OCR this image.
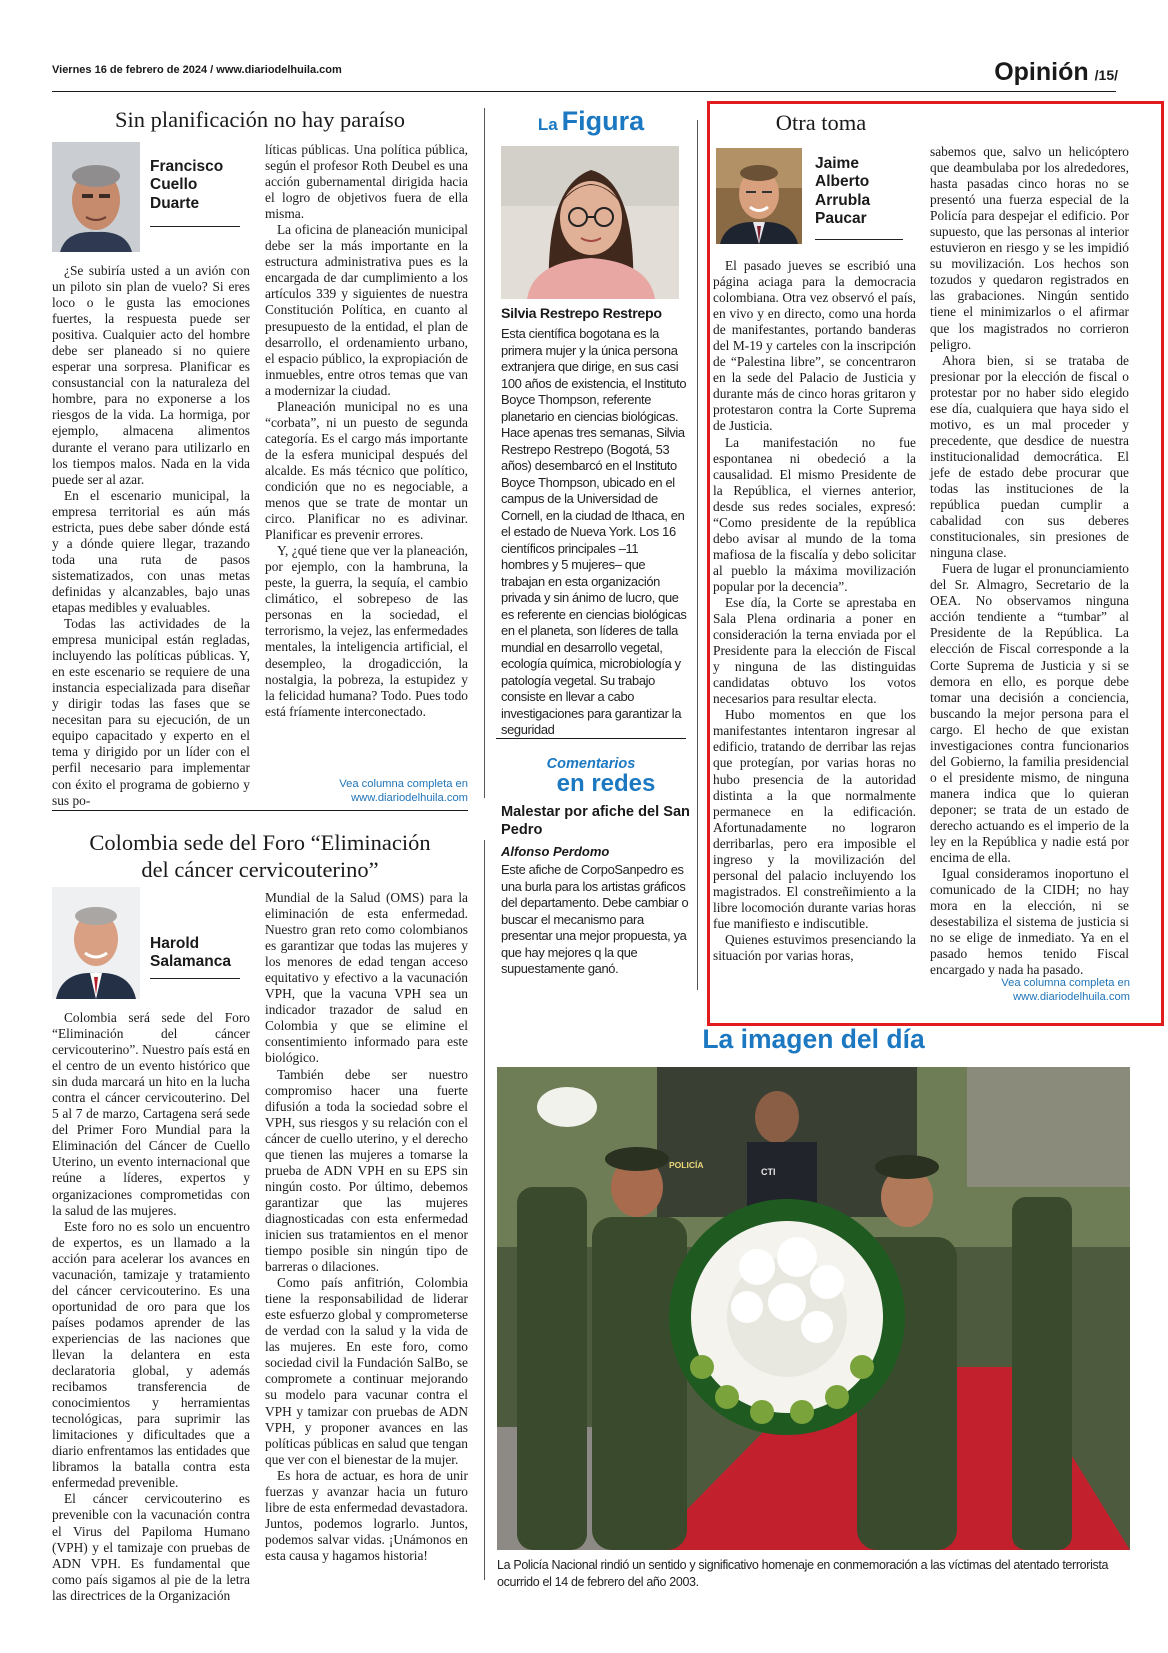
Viernes 16 de febrero de 2024 / www.diariodelhuila.com	Opinión /15/
Sin planificación no hay paraíso
Francisco Cuello Duarte

¿Se subiría usted a un avión con un piloto sin plan de vuelo? Si eres loco o le gusta las emociones fuertes, la respuesta puede ser positiva. Cualquier acto del hombre debe ser planeado si no quiere esperar una sorpresa. Planificar es consustancial con la naturaleza del hombre, para no exponerse a los riesgos de la vida. La hormiga, por ejemplo, almacena alimentos durante el verano para utilizarlo en los tiempos malos. Nada en la vida puede ser al azar.

En el escenario municipal, la empresa territorial es aún más estricta, pues debe saber dónde está y a dónde quiere llegar, trazando toda una ruta de pasos sistematizados, con unas metas definidas y alcanzables, bajo unas etapas medibles y evaluables.

Todas las actividades de la empresa municipal están regladas, incluyendo las políticas públicas. Y, en este escenario se requiere de una instancia especializada para diseñar y dirigir todas las fases que se necesitan para su ejecución, de un equipo capacitado y experto en el tema y dirigido por un líder con el perfil necesario para implementar con éxito el programa de gobierno y sus po-

líticas públicas. Una política pública, según el profesor Roth Deubel es una acción gubernamental dirigida hacia el logro de objetivos fuera de ella misma.

La oficina de planeación municipal debe ser la más importante en la estructura administrativa pues es la encargada de dar cumplimiento a los artículos 339 y siguientes de nuestra Constitución Política, en cuanto al presupuesto de la entidad, el plan de desarrollo, el ordenamiento urbano, el espacio público, la expropiación de inmuebles, entre otros temas que van a modernizar la ciudad.

Planeación municipal no es una “corbata”, ni un puesto de segunda categoría. Es el cargo más importante de la esfera municipal después del alcalde. Es más técnico que político, condición que no es negociable, a menos que se trate de montar un circo. Planificar no es adivinar. Planificar es prevenir errores.

Y, ¿qué tiene que ver la planeación, por ejemplo, con la hambruna, la peste, la guerra, la sequía, el cambio climático, el sobrepeso de las personas en la sociedad, el terrorismo, la vejez, las enfermedades mentales, la inteligencia artificial, el desempleo, la drogadicción, la nostalgia, la pobreza, la estupidez y la felicidad humana? Todo. Pues todo está fríamente interconectado.

Vea columna completa en
www.diariodelhuila.com
Colombia sede del Foro “Eliminación
del cáncer cervicouterino”
Harold Salamanca

Colombia será sede del Foro “Eliminación del cáncer cervicouterino”. Nuestro país está en el centro de un evento histórico que sin duda marcará un hito en la lucha contra el cáncer cervicouterino. Del 5 al 7 de marzo, Cartagena será sede del Primer Foro Mundial para la Eliminación del Cáncer de Cuello Uterino, un evento internacional que reúne a líderes, expertos y organizaciones comprometidas con la salud de las mujeres.

Este foro no es solo un encuentro de expertos, es un llamado a la acción para acelerar los avances en vacunación, tamizaje y tratamiento del cáncer cervicouterino. Es una oportunidad de oro para que los países podamos aprender de las experiencias de las naciones que llevan la delantera en esta declaratoria global, y además recibamos transferencia de conocimientos y herramientas tecnológicas, para suprimir las limitaciones y dificultades que a diario enfrentamos las entidades que libramos la batalla contra esta enfermedad prevenible.

El cáncer cervicouterino es prevenible con la vacunación contra el Virus del Papiloma Humano (VPH) y el tamizaje con pruebas de ADN VPH. Es fundamental que como país sigamos al pie de la letra las directrices de la Organización

Mundial de la Salud (OMS) para la eliminación de esta enfermedad. Nuestro gran reto como colombianos es garantizar que todas las mujeres y los menores de edad tengan acceso equitativo y efectivo a la vacunación VPH, que la vacuna VPH sea un indicador trazador de salud en Colombia y que se elimine el consentimiento informado para este biológico.

También debe ser nuestro compromiso hacer una fuerte difusión a toda la sociedad sobre el VPH, sus riesgos y su relación con el cáncer de cuello uterino, y el derecho que tienen las mujeres a tomarse la prueba de ADN VPH en su EPS sin ningún costo. Por último, debemos garantizar que las mujeres diagnosticadas con esta enfermedad inicien sus tratamientos en el menor tiempo posible sin ningún tipo de barreras o dilaciones.

Como país anfitrión, Colombia tiene la responsabilidad de liderar este esfuerzo global y comprometerse de verdad con la salud y la vida de las mujeres. En este foro, como sociedad civil la Fundación SalBo, se compromete a continuar mejorando su modelo para vacunar contra el VPH y tamizar con pruebas de ADN VPH, y proponer avances en las políticas públicas en salud que tengan que ver con el bienestar de la mujer.

Es hora de actuar, es hora de unir fuerzas y avanzar hacia un futuro libre de esta enfermedad devastadora. Juntos, podemos lograrlo. Juntos, podemos salvar vidas. ¡Unámonos en esta causa y hagamos historia!

La Figura
Silvia Restrepo Restrepo
Esta científica bogotana es la primera mujer y la única persona extranjera que dirige, en sus casi 100 años de existencia, el Instituto Boyce Thompson, referente planetario en ciencias biológicas. Hace apenas tres semanas, Silvia Restrepo Restrepo (Bogotá, 53 años) desembarcó en el Instituto Boyce Thompson, ubicado en el campus de la Universidad de Cornell, en la ciudad de Ithaca, en el estado de Nueva York. Los 16 científicos principales –11 hombres y 5 mujeres– que trabajan en esta organización privada y sin ánimo de lucro, que es referente en ciencias biológicas en el planeta, son líderes de talla mundial en desarrollo vegetal, ecología química, microbiología y patología vegetal. Su trabajo consiste en llevar a cabo investigaciones para garantizar la seguridad
Comentarios
en redes
Malestar por afiche del San Pedro
Alfonso Perdomo
Este afiche de CorpoSanpedro es una burla para los artistas gráficos del departamento. Debe cambiar o buscar el mecanismo para presentar una mejor propuesta, ya que hay mejores q la que supuestamente ganó.
Otra toma
Jaime Alberto Arrubla Paucar

El pasado jueves se escribió una página aciaga para la democracia colombiana. Otra vez observó el país, en vivo y en directo, como una horda de manifestantes, portando banderas del M-19 y carteles con la inscripción de “Palestina libre”, se concentraron en la sede del Palacio de Justicia y durante más de cinco horas gritaron y protestaron contra la Corte Suprema de Justicia.

La manifestación no fue espontanea ni obedeció a la causalidad. El mismo Presidente de la República, el viernes anterior, desde sus redes sociales, expresó: “Como presidente de la república debo avisar al mundo de la toma mafiosa de la fiscalía y debo solicitar al pueblo la máxima movilización popular por la decencia”.

Ese día, la Corte se aprestaba en Sala Plena ordinaria a poner en consideración la terna enviada por el Presidente para la elección de Fiscal y ninguna de las distinguidas candidatas obtuvo los votos necesarios para resultar electa.

Hubo momentos en que los manifestantes intentaron ingresar al edificio, tratando de derribar las rejas que protegían, por varias horas no hubo presencia de la autoridad distinta a la que normalmente permanece en la edificación. Afortunadamente no lograron derribarlas, pero era imposible el ingreso y la movilización del personal del palacio incluyendo los magistrados. El constreñimiento a la libre locomoción durante varias horas fue manifiesto e indiscutible.

Quienes estuvimos presenciando la situación por varias horas,

sabemos que, salvo un helicóptero que deambulaba por los alrededores, hasta pasadas cinco horas no se presentó una fuerza especial de la Policía para despejar el edificio. Por supuesto, que las personas al interior estuvieron en riesgo y se les impidió su movilización. Los hechos son tozudos y quedaron registrados en las grabaciones. Ningún sentido tiene el minimizarlos o el afirmar que los magistrados no corrieron peligro.

Ahora bien, si se trataba de presionar por la elección de fiscal o protestar por no haber sido elegido ese día, cualquiera que haya sido el motivo, es un mal proceder y precedente, que desdice de nuestra institucionalidad democrática. El jefe de estado debe procurar que todas las instituciones de la república puedan cumplir a cabalidad con sus deberes constitucionales, sin presiones de ninguna clase.

Fuera de lugar el pronunciamiento del Sr. Almagro, Secretario de la OEA. No observamos ninguna acción tendiente a “tumbar” al Presidente de la República. La elección de Fiscal corresponde a la Corte Suprema de Justicia y si se demora en ello, es porque debe tomar una decisión a conciencia, buscando la mejor persona para el cargo. El hecho de que existan investigaciones contra funcionarios del Gobierno, la familia presidencial o el presidente mismo, de ninguna manera indica que lo quieran deponer; se trata de un estado de derecho actuando es el imperio de la ley en la República y nadie está por encima de ella.

Igual consideramos inoportuno el comunicado de la CIDH; no hay mora en la elección, ni se desestabiliza el sistema de justicia si no se elige de inmediato. Ya en el pasado hemos tenido Fiscal encargado y nada ha pasado.

Vea columna completa en
www.diariodelhuila.com
La imagen del día
POLICÍA
CTI
La Policía Nacional rindió un sentido y significativo homenaje en conmemoración a las víctimas del atentado terrorista ocurrido el 14 de febrero del año 2003.
